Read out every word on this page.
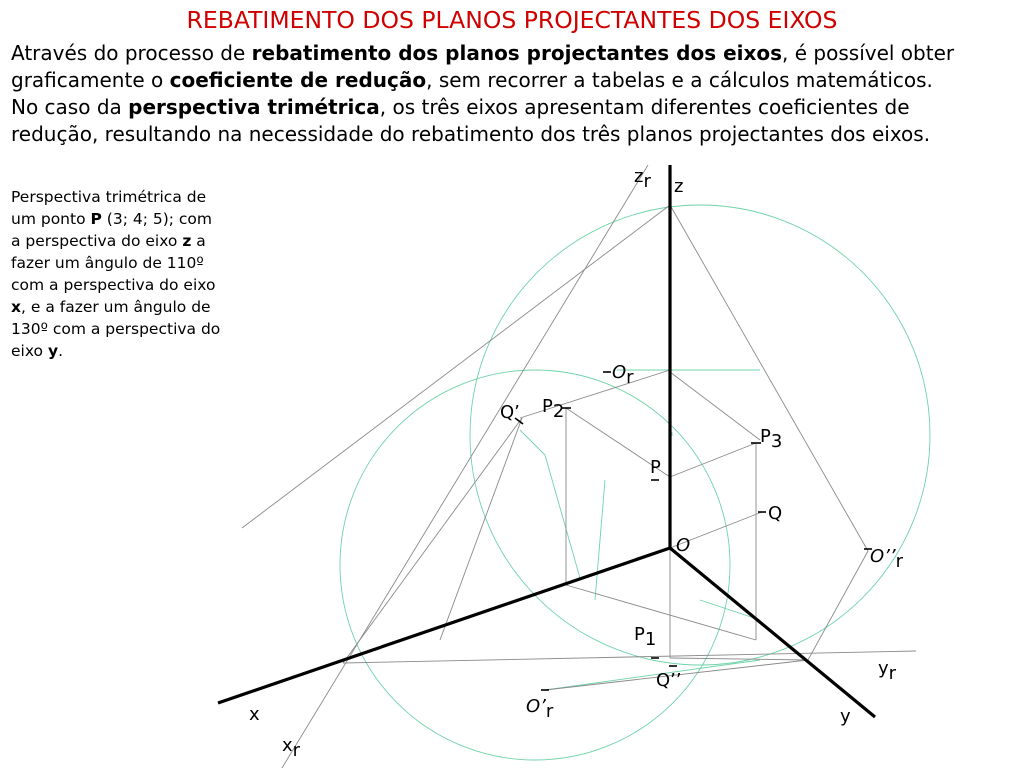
REBATIMENTO DOS PLANOS PROJECTANTES DOS EIXOS
Através do processo de rebatimento dos planos projectantes dos eixos, é possível obter
graficamente o coeficiente de redução, sem recorrer a tabelas e a cálculos matemáticos.
No caso da perspectiva trimétrica, os três eixos apresentam diferentes coeficientes de
redução, resultando na necessidade do rebatimento dos três planos projectantes dos eixos.
Perspectiva trimétrica de
um ponto P (3; 4; 5); com
a perspectiva do eixo z a
fazer um ângulo de 110º
com a perspectiva do eixo
x, e a fazer um ângulo de
130º com a perspectiva do
eixo y.
z
zr
x
xr
y
yr
O
Or
P
P1
P2
P3
Q
Q’
Q’’
O’r
O’’r
